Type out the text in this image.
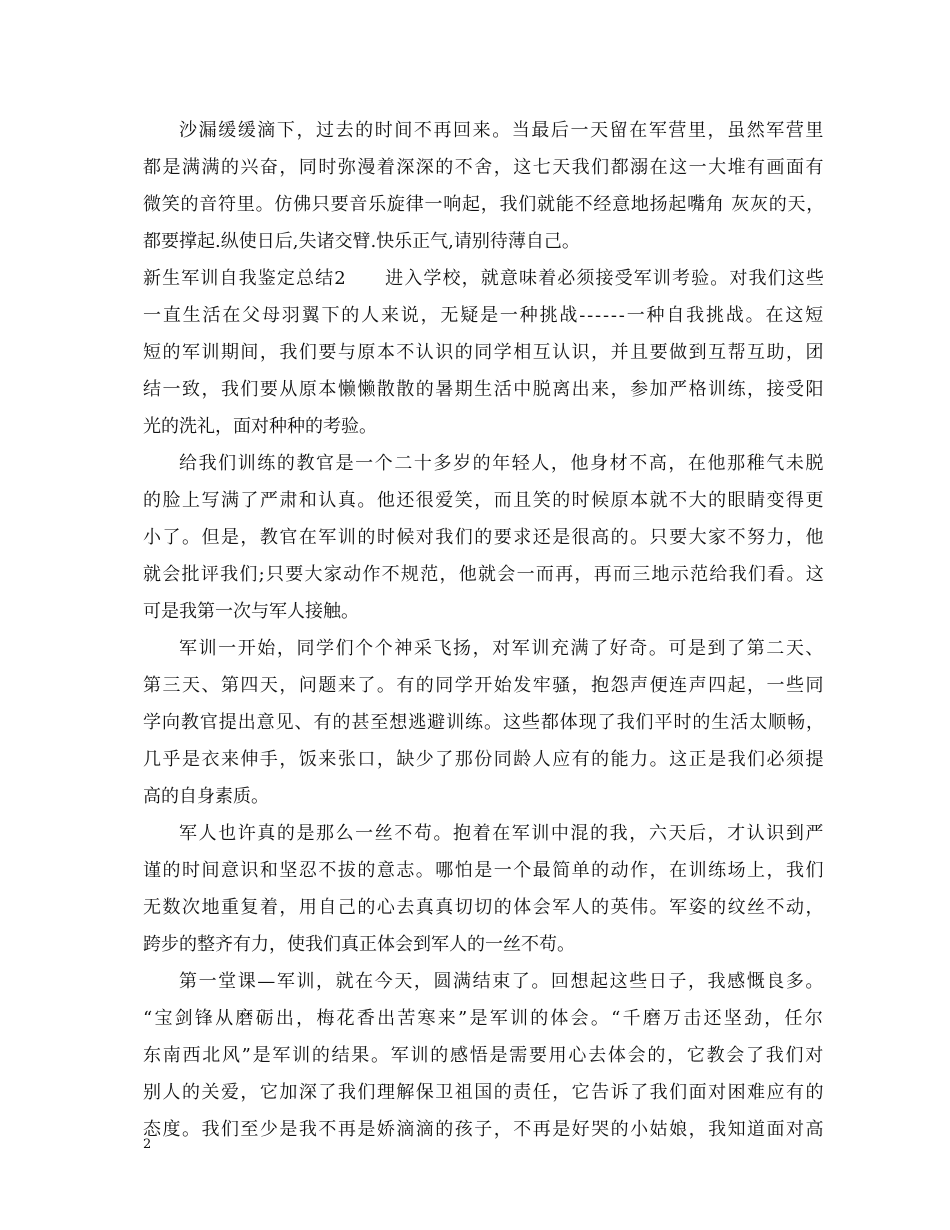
沙漏缓缓滴下，过去的时间不再回来。当最后一天留在军营里，虽然军营里
都是满满的兴奋，同时弥漫着深深的不舍，这七天我们都溺在这一大堆有画面有
微笑的音符里。仿佛只要音乐旋律一响起，我们就能不经意地扬起嘴角 灰灰的天，
都要撑起.纵使日后,失诸交臂.快乐正气,请别待薄自己。
新生军训自我鉴定总结2　　进入学校，就意味着必须接受军训考验。对我们这些
一直生活在父母羽翼下的人来说，无疑是一种挑战------一种自我挑战。在这短
短的军训期间，我们要与原本不认识的同学相互认识，并且要做到互帮互助，团
结一致，我们要从原本懒懒散散的暑期生活中脱离出来，参加严格训练，接受阳
光的洗礼，面对种种的考验。
给我们训练的教官是一个二十多岁的年轻人，他身材不高，在他那稚气未脱
的脸上写满了严肃和认真。他还很爱笑，而且笑的时候原本就不大的眼睛变得更
小了。但是，教官在军训的时候对我们的要求还是很高的。只要大家不努力，他
就会批评我们;只要大家动作不规范，他就会一而再，再而三地示范给我们看。这
可是我第一次与军人接触。
军训一开始，同学们个个神采飞扬，对军训充满了好奇。可是到了第二天、
第三天、第四天，问题来了。有的同学开始发牢骚，抱怨声便连声四起，一些同
学向教官提出意见、有的甚至想逃避训练。这些都体现了我们平时的生活太顺畅，
几乎是衣来伸手，饭来张口，缺少了那份同龄人应有的能力。这正是我们必须提
高的自身素质。
军人也许真的是那么一丝不苟。抱着在军训中混的我，六天后，才认识到严
谨的时间意识和坚忍不拔的意志。哪怕是一个最简单的动作，在训练场上，我们
无数次地重复着，用自己的心去真真切切的体会军人的英伟。军姿的纹丝不动，
跨步的整齐有力，使我们真正体会到军人的一丝不苟。
第一堂课—军训，就在今天，圆满结束了。回想起这些日子，我感慨良多。
“宝剑锋从磨砺出，梅花香出苦寒来”是军训的体会。“千磨万击还坚劲，任尔
东南西北风”是军训的结果。军训的感悟是需要用心去体会的，它教会了我们对
别人的关爱，它加深了我们理解保卫祖国的责任，它告诉了我们面对困难应有的
态度。我们至少是我不再是娇滴滴的孩子，不再是好哭的小姑娘，我知道面对高
2
